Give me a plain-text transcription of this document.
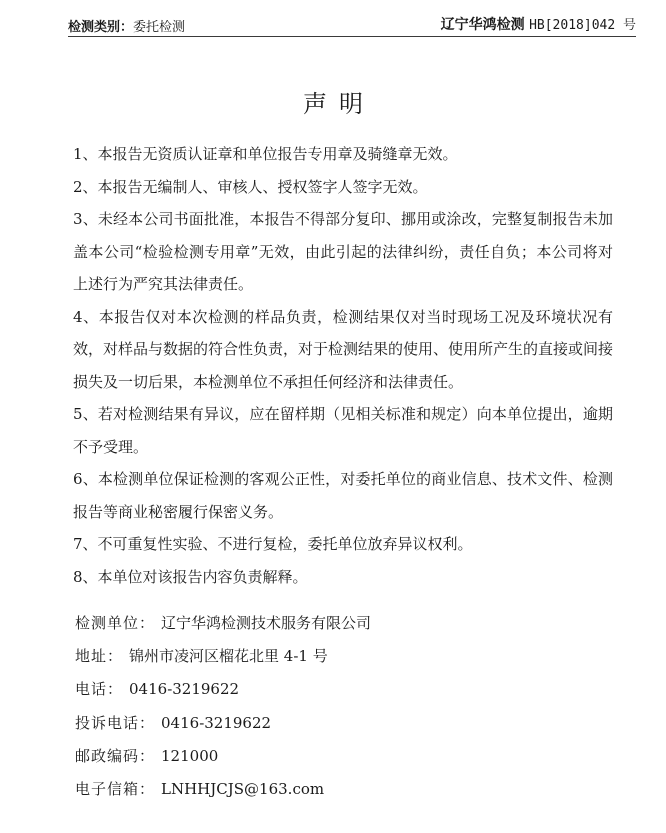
检测类别：委托检测	辽宁华鸿检测 HB[2018]042 号
声明

1、本报告无资质认证章和单位报告专用章及骑缝章无效。

2、本报告无编制人、审核人、授权签字人签字无效。

3、未经本公司书面批准，本报告不得部分复印、挪用或涂改，完整复制报告未加盖本公司“检验检测专用章”无效，由此引起的法律纠纷，责任自负；本公司将对上述行为严究其法律责任。

4、本报告仅对本次检测的样品负责，检测结果仅对当时现场工况及环境状况有效，对样品与数据的符合性负责，对于检测结果的使用、使用所产生的直接或间接损失及一切后果，本检测单位不承担任何经济和法律责任。

5、若对检测结果有异议，应在留样期（见相关标准和规定）向本单位提出，逾期不予受理。

6、本检测单位保证检测的客观公正性，对委托单位的商业信息、技术文件、检测报告等商业秘密履行保密义务。

7、不可重复性实验、不进行复检，委托单位放弃异议权利。

8、本单位对该报告内容负责解释。

检测单位： 辽宁华鸿检测技术服务有限公司
地址： 锦州市凌河区榴花北里 4-1 号
电话： 0416-3219622
投诉电话： 0416-3219622
邮政编码： 121000
电子信箱： LNHHJCJS@163.com
